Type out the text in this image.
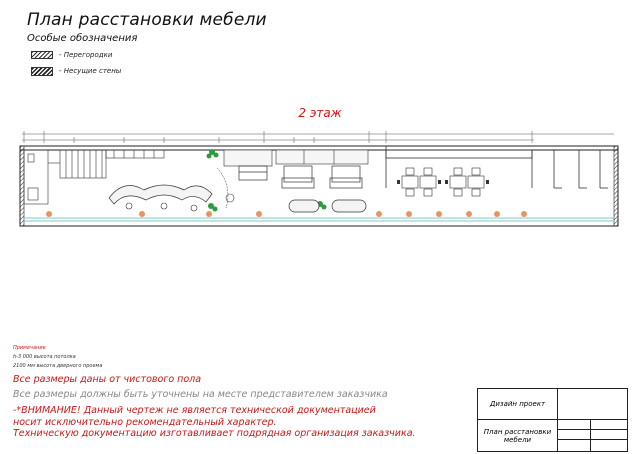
План расстановки мебели
Особые обозначения
- Перегородки
- Несущие стены
2 этаж
Примечание
h-3 000 высота потолка
2100 мм высота дверного проема
Все размеры даны от чистового пола
Все размеры должны быть уточнены на месте представителем заказчика
-*ВНИМАНИЕ! Данный чертеж не является технической документацией
носит исключительно рекомендательный характер.
Техническую документацию изготавливает подрядная организация заказчика.
Дизайн проект
План расстановки мебели
